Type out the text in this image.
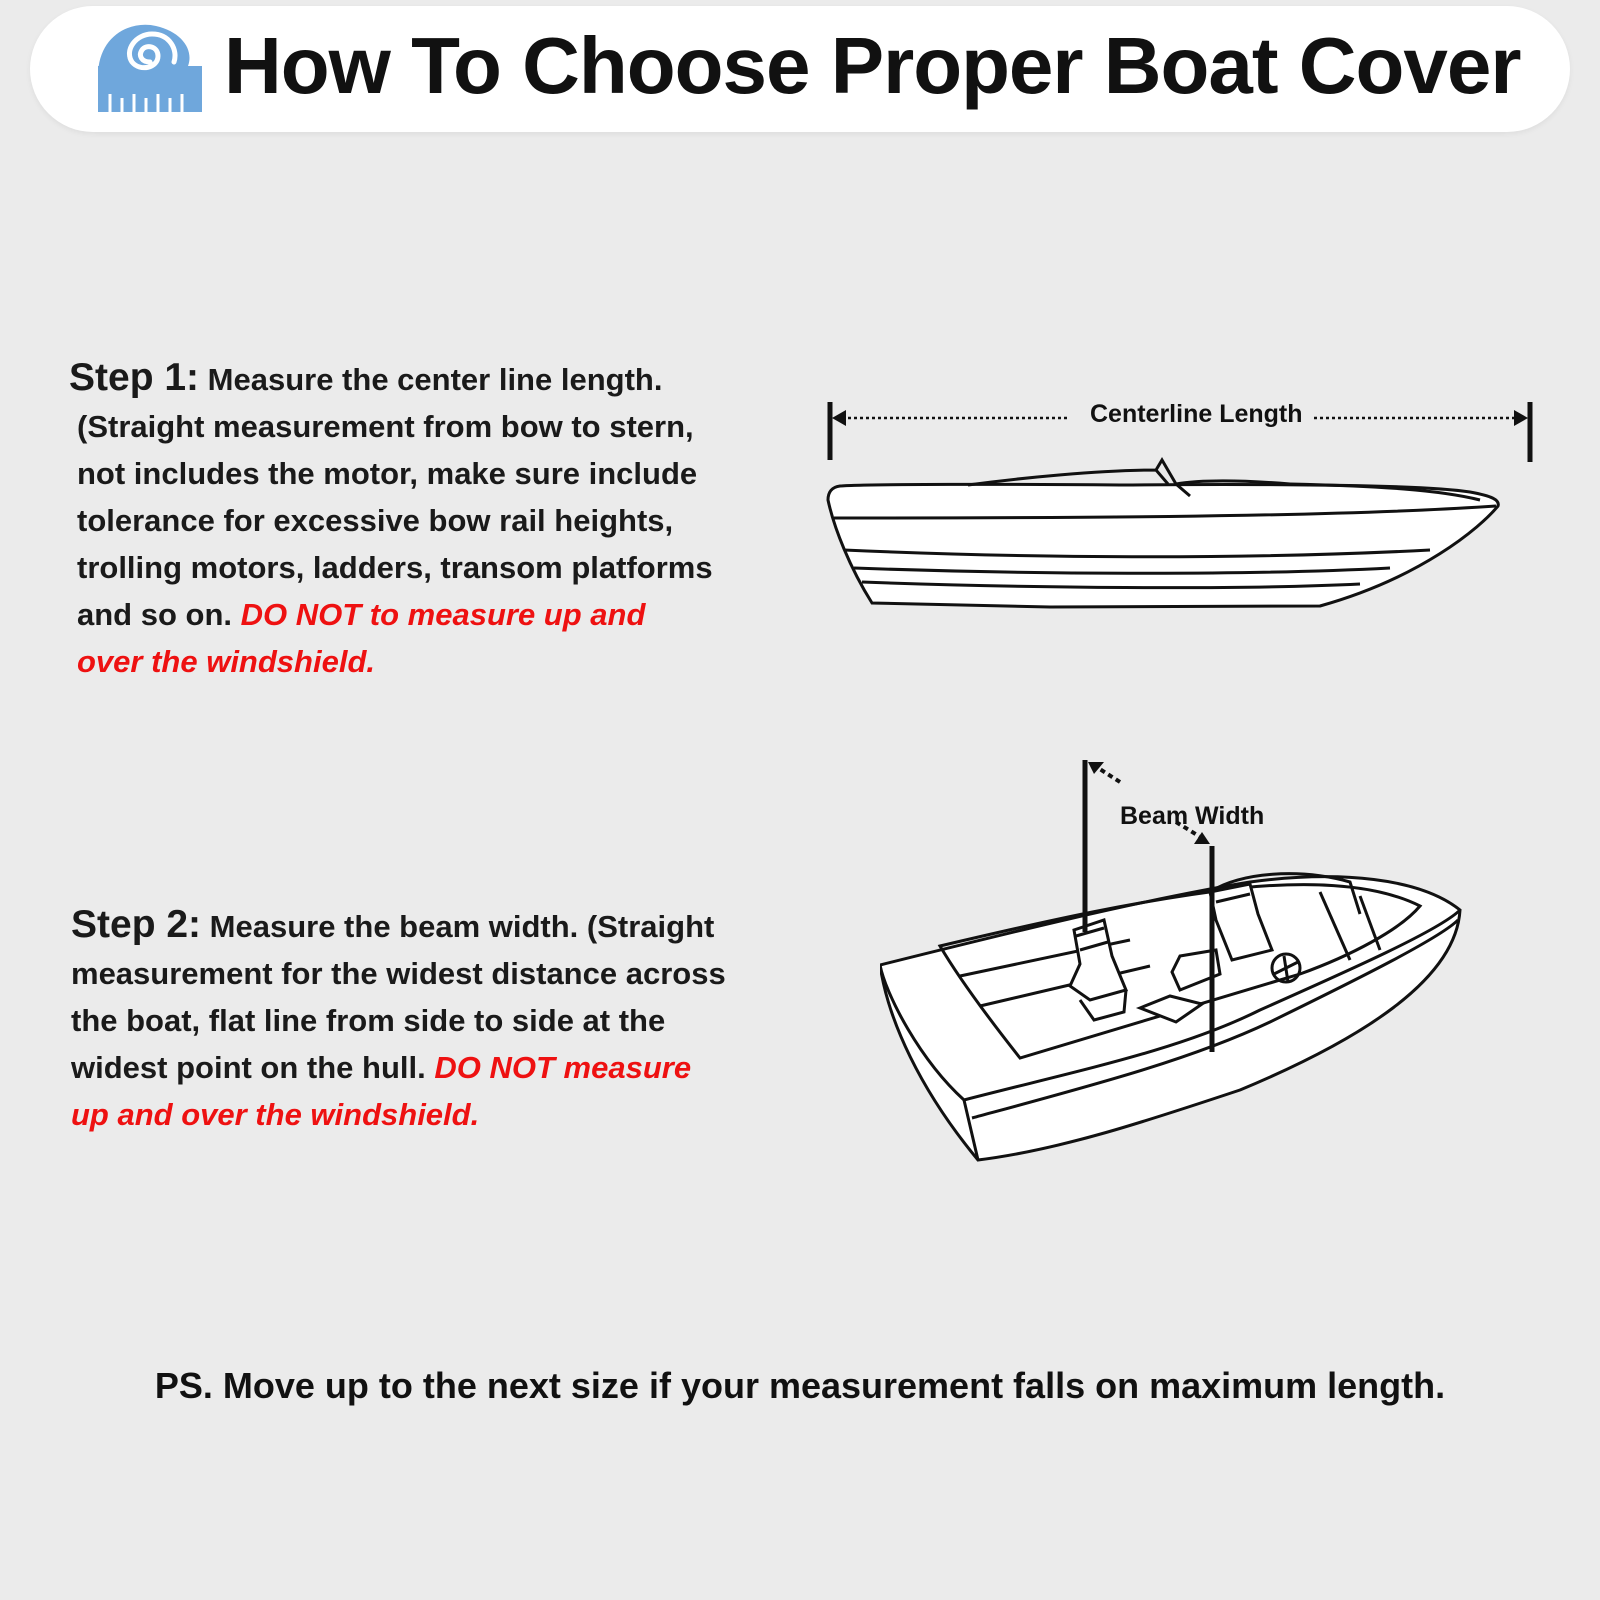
How To Choose Proper Boat Cover
Step 1: Measure the center line length.
(Straight measurement from bow to stern,
not includes the motor, make sure include
tolerance for excessive bow rail heights,
trolling motors, ladders, transom platforms
and so on. DO NOT to measure up and
over the windshield.
Centerline Length
Step 2: Measure the beam width. (Straight
measurement for the widest distance across
the boat, flat line from side to side at the
widest point on the hull. DO NOT measure
up and over the windshield.
Beam Width
PS. Move up to the next size if your measurement falls on maximum length.
